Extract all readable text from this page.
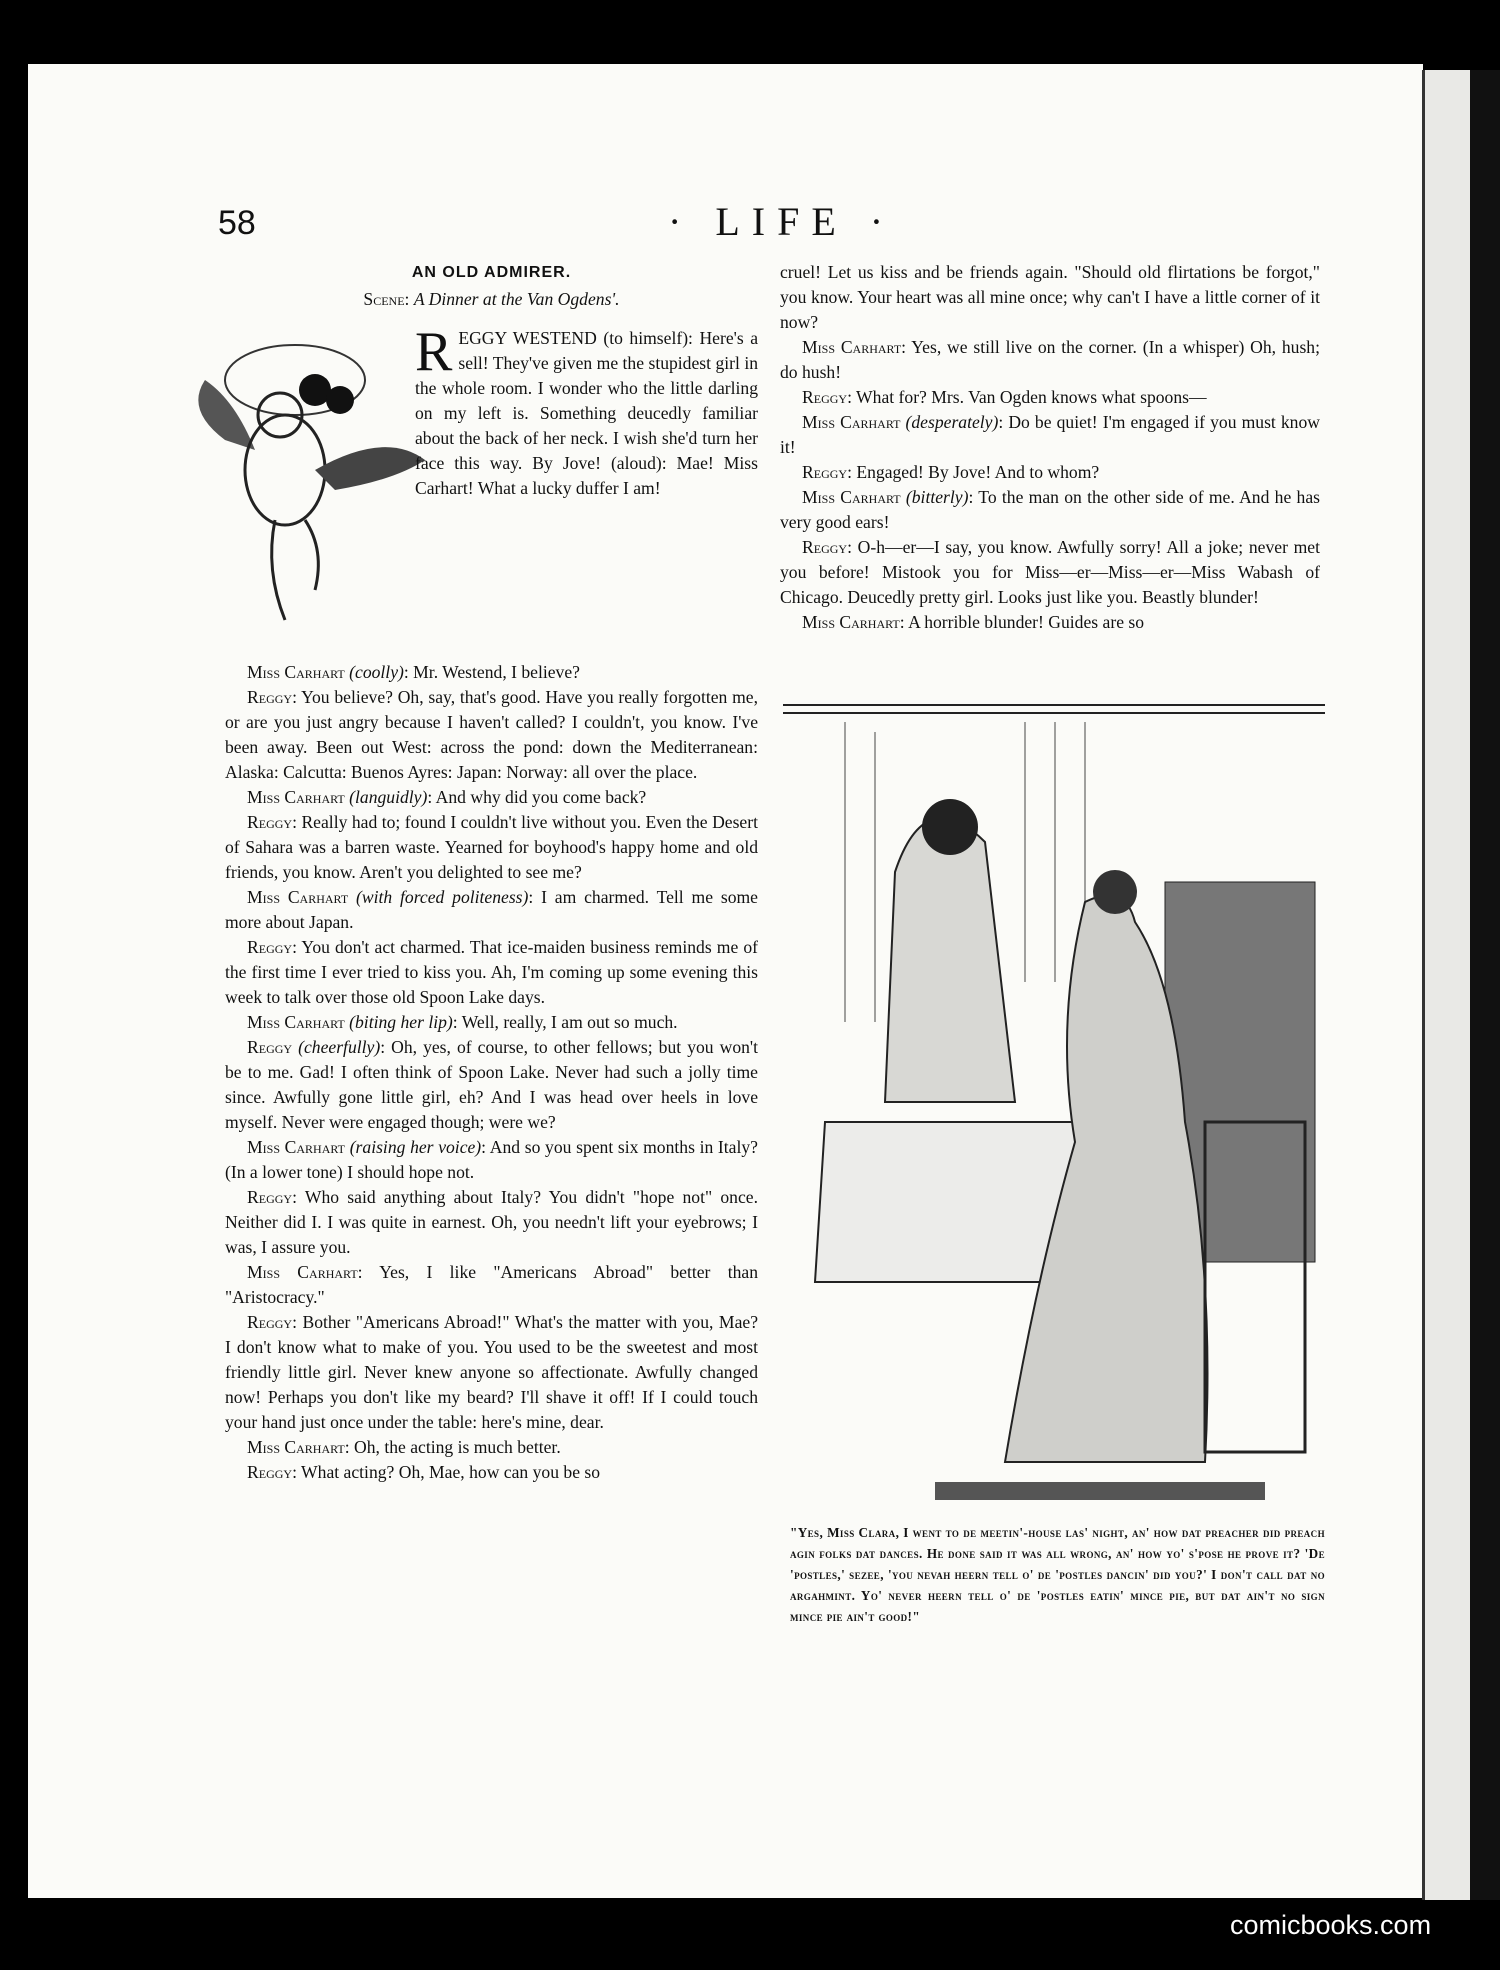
58	· LIFE ·
AN OLD ADMIRER.
Scene: A Dinner at the Van Ogdens'.
REGGY WESTEND (to himself): Here's a sell! They've given me the stupidest girl in the whole room. I wonder who the little darling on my left is. Something deucedly familiar about the back of her neck. I wish she'd turn her face this way. By Jove! (aloud): Mae! Miss Carhart! What a lucky duffer I am!

Miss Carhart (coolly): Mr. Westend, I believe?

Reggy: You believe? Oh, say, that's good. Have you really forgotten me, or are you just angry because I haven't called? I couldn't, you know. I've been away. Been out West: across the pond: down the Mediterranean: Alaska: Calcutta: Buenos Ayres: Japan: Norway: all over the place.

Miss Carhart (languidly): And why did you come back?

Reggy: Really had to; found I couldn't live without you. Even the Desert of Sahara was a barren waste. Yearned for boyhood's happy home and old friends, you know. Aren't you delighted to see me?

Miss Carhart (with forced politeness): I am charmed. Tell me some more about Japan.

Reggy: You don't act charmed. That ice-maiden business reminds me of the first time I ever tried to kiss you. Ah, I'm coming up some evening this week to talk over those old Spoon Lake days.

Miss Carhart (biting her lip): Well, really, I am out so much.

Reggy (cheerfully): Oh, yes, of course, to other fellows; but you won't be to me. Gad! I often think of Spoon Lake. Never had such a jolly time since. Awfully gone little girl, eh? And I was head over heels in love myself. Never were engaged though; were we?

Miss Carhart (raising her voice): And so you spent six months in Italy? (In a lower tone) I should hope not.

Reggy: Who said anything about Italy? You didn't "hope not" once. Neither did I. I was quite in earnest. Oh, you needn't lift your eyebrows; I was, I assure you.

Miss Carhart: Yes, I like "Americans Abroad" better than "Aristocracy."

Reggy: Bother "Americans Abroad!" What's the matter with you, Mae? I don't know what to make of you. You used to be the sweetest and most friendly little girl. Never knew anyone so affectionate. Awfully changed now! Perhaps you don't like my beard? I'll shave it off! If I could touch your hand just once under the table: here's mine, dear.

Miss Carhart: Oh, the acting is much better.

Reggy: What acting? Oh, Mae, how can you be so

cruel! Let us kiss and be friends again. "Should old flirtations be forgot," you know. Your heart was all mine once; why can't I have a little corner of it now?

Miss Carhart: Yes, we still live on the corner. (In a whisper) Oh, hush; do hush!

Reggy: What for? Mrs. Van Ogden knows what spoons—

Miss Carhart (desperately): Do be quiet! I'm engaged if you must know it!

Reggy: Engaged! By Jove! And to whom?

Miss Carhart (bitterly): To the man on the other side of me. And he has very good ears!

Reggy: O-h—er—I say, you know. Awfully sorry! All a joke; never met you before! Mistook you for Miss—er—Miss—er—Miss Wabash of Chicago. Deucedly pretty girl. Looks just like you. Beastly blunder!

Miss Carhart: A horrible blunder! Guides are so

"Yes, Miss Clara, I went to de meetin'-house las' night, an' how dat preacher did preach agin folks dat dances. He done said it was all wrong, an' how yo' s'pose he prove it? 'De 'postles,' sezee, 'you nevah heern tell o' de 'postles dancin' did you?' I don't call dat no argahmint. Yo' never heern tell o' de 'postles eatin' mince pie, but dat ain't no sign mince pie ain't good!"
comicbooks.com
